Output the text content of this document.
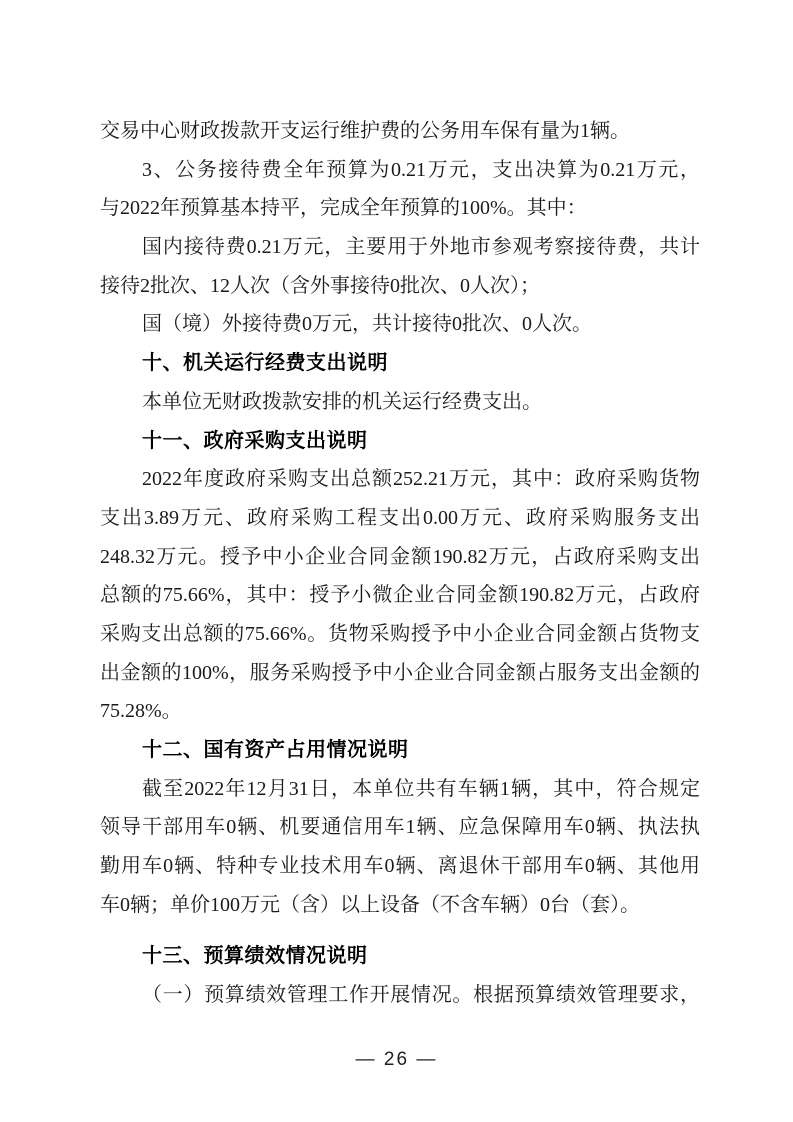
交易中心财政拨款开支运行维护费的公务用车保有量为1辆。
3、公务接待费全年预算为0.21万元，支出决算为0.21万元，
与2022年预算基本持平，完成全年预算的100%。其中：
国内接待费0.21万元，主要用于外地市参观考察接待费，共计
接待2批次、12人次（含外事接待0批次、0人次）；
国（境）外接待费0万元，共计接待0批次、0人次。
十、机关运行经费支出说明
本单位无财政拨款安排的机关运行经费支出。
十一、政府采购支出说明
2022年度政府采购支出总额252.21万元，其中：政府采购货物
支出3.89万元、政府采购工程支出0.00万元、政府采购服务支出
248.32万元。授予中小企业合同金额190.82万元，占政府采购支出
总额的75.66%，其中：授予小微企业合同金额190.82万元，占政府
采购支出总额的75.66%。货物采购授予中小企业合同金额占货物支
出金额的100%，服务采购授予中小企业合同金额占服务支出金额的
75.28%。
十二、国有资产占用情况说明
截至2022年12月31日，本单位共有车辆1辆，其中，符合规定
领导干部用车0辆、机要通信用车1辆、应急保障用车0辆、执法执
勤用车0辆、特种专业技术用车0辆、离退休干部用车0辆、其他用
车0辆；单价100万元（含）以上设备（不含车辆）0台（套）。
十三、预算绩效情况说明
（一）预算绩效管理工作开展情况。根据预算绩效管理要求，
— 26 —
